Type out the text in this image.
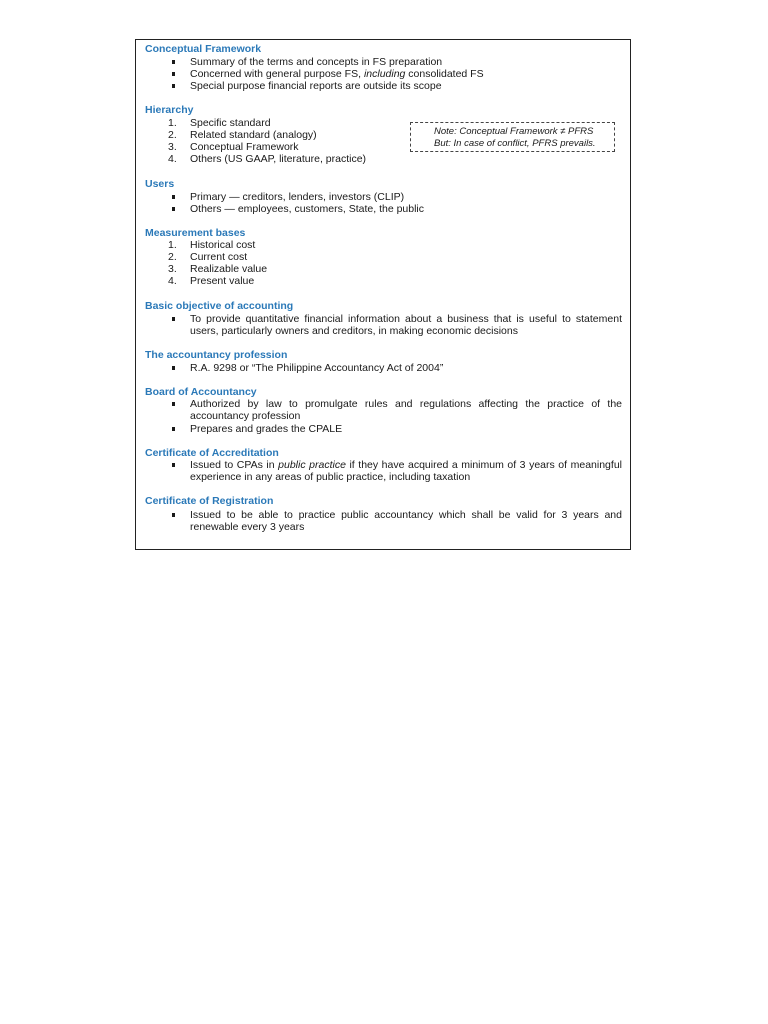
Conceptual Framework
Summary of the terms and concepts in FS preparation
Concerned with general purpose FS, including consolidated FS
Special purpose financial reports are outside its scope
Hierarchy
1.	Specific standard
2.	Related standard (analogy)
3.	Conceptual Framework
4.	Others (US GAAP, literature, practice)
Note: Conceptual Framework ≠ PFRS
But: In case of conflict, PFRS prevails.
Users
Primary — creditors, lenders, investors (CLIP)
Others — employees, customers, State, the public
Measurement bases
1.	Historical cost
2.	Current cost
3.	Realizable value
4.	Present value
Basic objective of accounting
To provide quantitative financial information about a business that is useful to statement users, particularly owners and creditors, in making economic decisions
The accountancy profession
R.A. 9298 or “The Philippine Accountancy Act of 2004”
Board of Accountancy
Authorized by law to promulgate rules and regulations affecting the practice of the accountancy profession
Prepares and grades the CPALE
Certificate of Accreditation
Issued to CPAs in public practice if they have acquired a minimum of 3 years of meaningful experience in any areas of public practice, including taxation
Certificate of Registration
Issued to be able to practice public accountancy which shall be valid for 3 years and renewable every 3 years
